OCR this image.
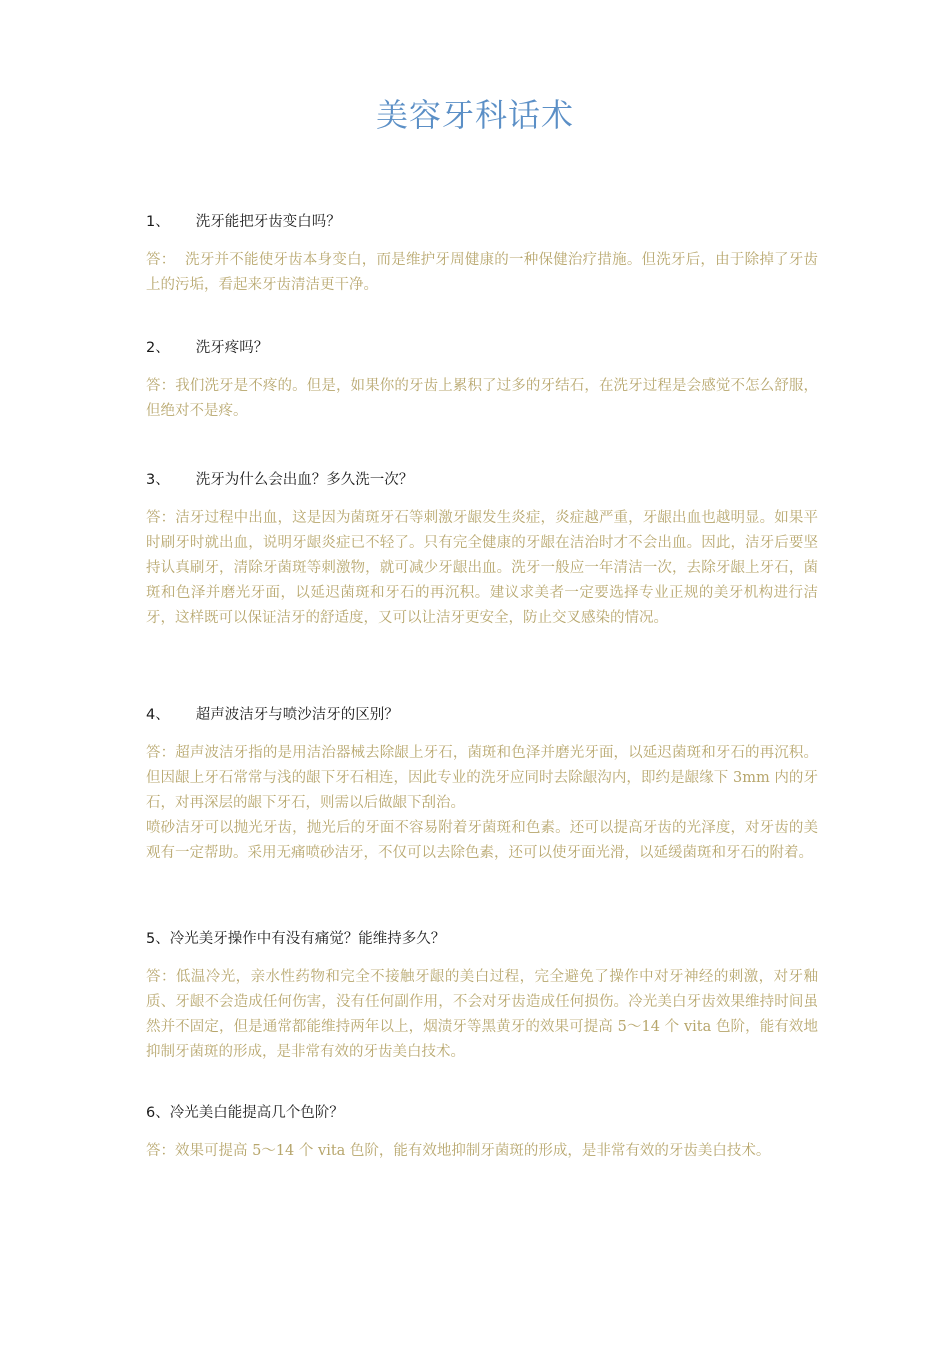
美容牙科话术

1、 洗牙能把牙齿变白吗？

答：  洗牙并不能使牙齿本身变白，而是维护牙周健康的一种保健治疗措施。但洗牙后，由于除掉了牙齿上的污垢，看起来牙齿清洁更干净。

2、 洗牙疼吗？

答：我们洗牙是不疼的。但是，如果你的牙齿上累积了过多的牙结石，在洗牙过程是会感觉不怎么舒服，但绝对不是疼。

3、 洗牙为什么会出血？多久洗一次？

答：洁牙过程中出血，这是因为菌斑牙石等刺激牙龈发生炎症，炎症越严重，牙龈出血也越明显。如果平时刷牙时就出血，说明牙龈炎症已不轻了。只有完全健康的牙龈在洁治时才不会出血。因此，洁牙后要坚持认真刷牙，清除牙菌斑等刺激物，就可减少牙龈出血。洗牙一般应一年清洁一次，去除牙龈上牙石，菌斑和色泽并磨光牙面，以延迟菌斑和牙石的再沉积。建议求美者一定要选择专业正规的美牙机构进行洁牙，这样既可以保证洁牙的舒适度，又可以让洁牙更安全，防止交叉感染的情况。

4、 超声波洁牙与喷沙洁牙的区别？

答：超声波洁牙指的是用洁治器械去除龈上牙石，菌斑和色泽并磨光牙面，以延迟菌斑和牙石的再沉积。但因龈上牙石常常与浅的龈下牙石相连，因此专业的洗牙应同时去除龈沟内，即约是龈缘下 3mm 内的牙石，对再深层的龈下牙石，则需以后做龈下刮治。

喷砂洁牙可以抛光牙齿，抛光后的牙面不容易附着牙菌斑和色素。还可以提高牙齿的光泽度，对牙齿的美观有一定帮助。采用无痛喷砂洁牙，不仅可以去除色素，还可以使牙面光滑，以延缓菌斑和牙石的附着。

5、冷光美牙操作中有没有痛觉？能维持多久？

答：低温冷光，亲水性药物和完全不接触牙龈的美白过程，完全避免了操作中对牙神经的刺激，对牙釉质、牙龈不会造成任何伤害，没有任何副作用，不会对牙齿造成任何损伤。冷光美白牙齿效果维持时间虽然并不固定，但是通常都能维持两年以上，烟渍牙等黑黄牙的效果可提高 5～14 个 vita 色阶，能有效地抑制牙菌斑的形成，是非常有效的牙齿美白技术。

6、冷光美白能提高几个色阶？

答：效果可提高 5～14 个 vita 色阶，能有效地抑制牙菌斑的形成，是非常有效的牙齿美白技术。
